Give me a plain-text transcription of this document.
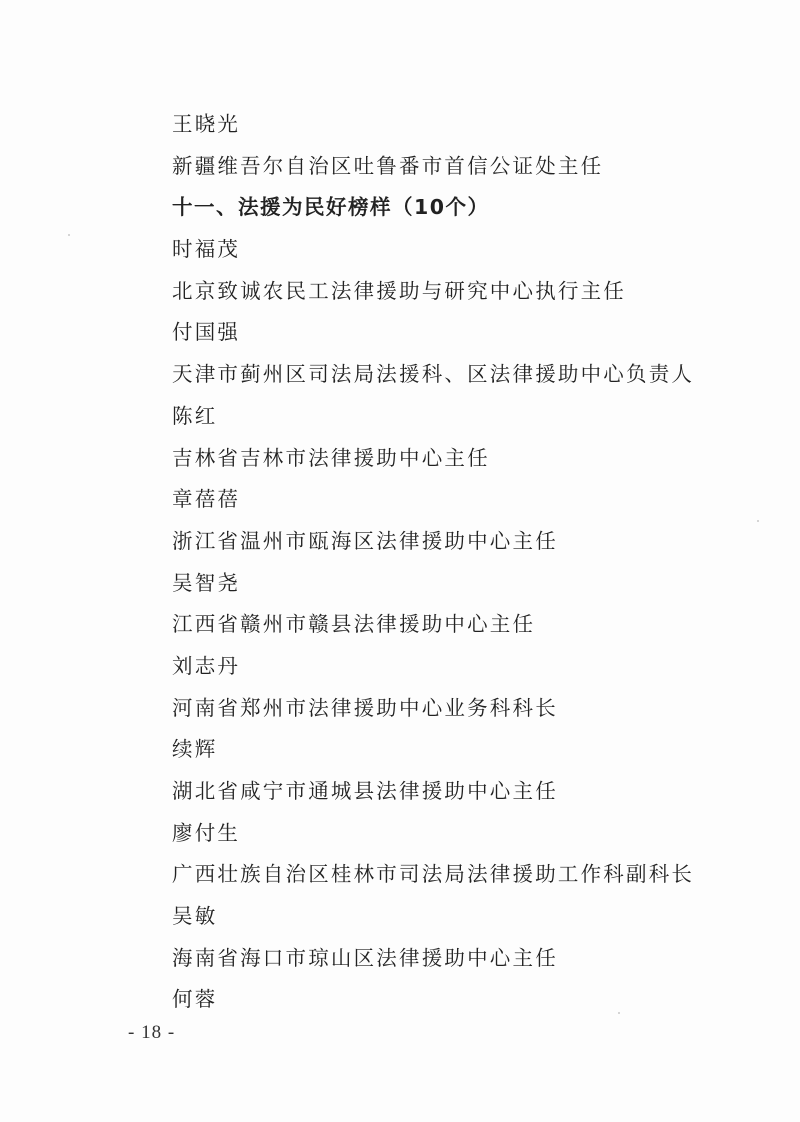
王晓光
新疆维吾尔自治区吐鲁番市首信公证处主任
十一、法援为民好榜样（10个）
时福茂
北京致诚农民工法律援助与研究中心执行主任
付国强
天津市蓟州区司法局法援科、区法律援助中心负责人
陈红
吉林省吉林市法律援助中心主任
章蓓蓓
浙江省温州市瓯海区法律援助中心主任
吴智尧
江西省赣州市赣县法律援助中心主任
刘志丹
河南省郑州市法律援助中心业务科科长
续辉
湖北省咸宁市通城县法律援助中心主任
廖付生
广西壮族自治区桂林市司法局法律援助工作科副科长
吴敏
海南省海口市琼山区法律援助中心主任
何蓉
- 18 -
